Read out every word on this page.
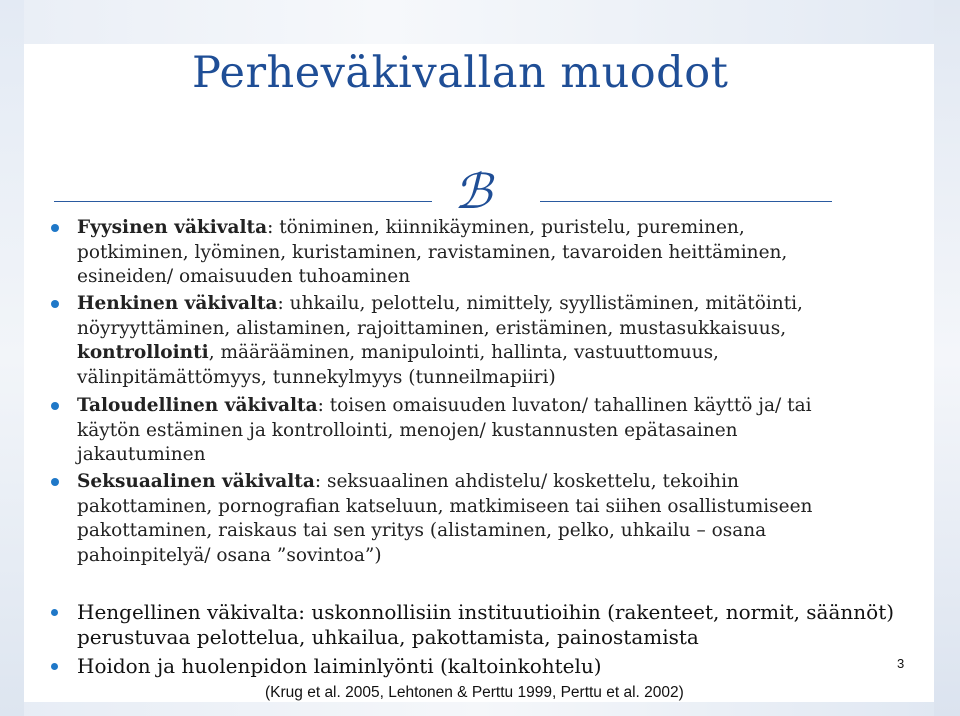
Perheväkivallan muodot
ℬ
Fyysinen väkivalta: töniminen, kiinnikäyminen, puristelu, pureminen,
potkiminen, lyöminen, kuristaminen, ravistaminen, tavaroiden heittäminen,
esineiden/ omaisuuden tuhoaminen
Henkinen väkivalta: uhkailu, pelottelu, nimittely, syyllistäminen, mitätöinti,
nöyryyttäminen, alistaminen, rajoittaminen, eristäminen, mustasukkaisuus,
kontrollointi, määrääminen, manipulointi, hallinta, vastuuttomuus,
välinpitämättömyys, tunnekylmyys (tunneilmapiiri)
Taloudellinen väkivalta: toisen omaisuuden luvaton/ tahallinen käyttö ja/ tai
käytön estäminen ja kontrollointi, menojen/ kustannusten epätasainen
jakautuminen
Seksuaalinen väkivalta: seksuaalinen ahdistelu/ koskettelu, tekoihin
pakottaminen, pornografian katseluun, matkimiseen tai siihen osallistumiseen
pakottaminen, raiskaus tai sen yritys (alistaminen, pelko, uhkailu – osana
pahoinpitelyä/ osana ”sovintoa”)
Hengellinen väkivalta: uskonnollisiin instituutioihin (rakenteet, normit, säännöt)
perustuvaa pelottelua, uhkailua, pakottamista, painostamista
Hoidon ja huolenpidon laiminlyönti (kaltoinkohtelu)	3
(Krug et al. 2005, Lehtonen & Perttu 1999, Perttu et al. 2002)
